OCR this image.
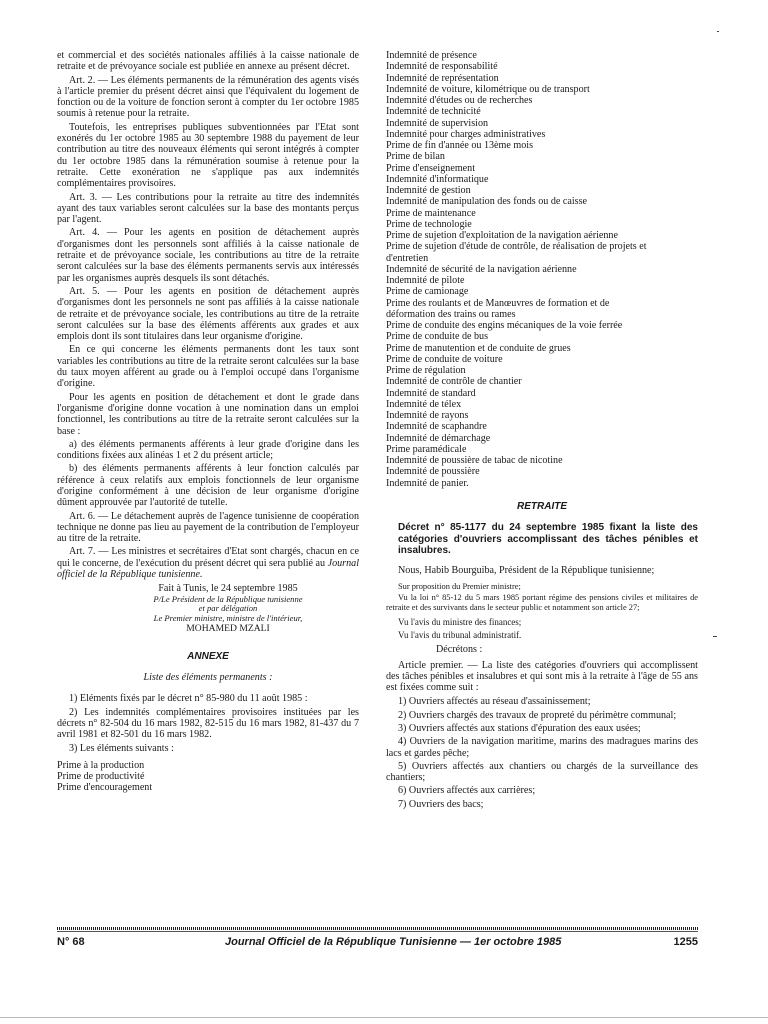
et commercial et des sociétés nationales affiliés à la caisse nationale de retraite et de prévoyance sociale est publiée en annexe au présent décret.

Art. 2. — Les éléments permanents de la rémunération des agents visés à l'article premier du présent décret ainsi que l'équivalent du logement de fonction ou de la voiture de fonction seront à compter du 1er octobre 1985 soumis à retenue pour la retraite.

Toutefois, les entreprises publiques subventionnées par l'Etat sont exonérés du 1er octobre 1985 au 30 septembre 1988 du payement de leur contribution au titre des nouveaux éléments qui seront intégrés à compter du 1er octobre 1985 dans la rémunération soumise à retenue pour la retraite. Cette exonération ne s'applique pas aux indemnités complémentaires provisoires.

Art. 3. — Les contributions pour la retraite au titre des indemnités ayant des taux variables seront calculées sur la base des montants perçus par l'agent.

Art. 4. — Pour les agents en position de détachement auprès d'organismes dont les personnels sont affiliés à la caisse nationale de retraite et de prévoyance sociale, les contributions au titre de la retraite seront calculées sur la base des éléments permanents servis aux intéressés par les organismes auprès desquels ils sont détachés.

Art. 5. — Pour les agents en position de détachement auprès d'organismes dont les personnels ne sont pas affiliés à la caisse nationale de retraite et de prévoyance sociale, les contributions au titre de la retraite seront calculées sur la base des éléments afférents aux grades et aux emplois dont ils sont titulaires dans leur organisme d'origine.

En ce qui concerne les éléments permanents dont les taux sont variables les contributions au titre de la retraite seront calculées sur la base du taux moyen afférent au grade ou à l'emploi occupé dans l'organisme d'origine.

Pour les agents en position de détachement et dont le grade dans l'organisme d'origine donne vocation à une nomination dans un emploi fonctionnel, les contributions au titre de la retraite seront calculées sur la base :

a) des éléments permanents afférents à leur grade d'origine dans les conditions fixées aux alinéas 1 et 2 du présent article;

b) des éléments permanents afférents à leur fonction calculés par référence à ceux relatifs aux emplois fonctionnels de leur organisme d'origine conformément à une décision de leur organisme d'origine dûment approuvée par l'autorité de tutelle.

Art. 6. — Le détachement auprès de l'agence tunisienne de coopération technique ne donne pas lieu au payement de la contribution de l'employeur au titre de la retraite.

Art. 7. — Les ministres et secrétaires d'Etat sont chargés, chacun en ce qui le concerne, de l'exécution du présent décret qui sera publié au Journal officiel de la République tunisienne.

Fait à Tunis, le 24 septembre 1985
P/Le Président de la République tunisienne
et par délégation
Le Premier ministre, ministre de l'intérieur,
MOHAMED MZALI
ANNEXE
Liste des éléments permanents :

1) Eléments fixés par le décret n° 85-980 du 11 août 1985 :

2) Les indemnités complémentaires provisoires instituées par les décrets n° 82-504 du 16 mars 1982, 82-515 du 16 mars 1982, 81-437 du 7 avril 1981 et 82-501 du 16 mars 1982.

3) Les éléments suivants :

Prime à la production
Prime de productivité
Prime d'encouragement
Indemnité de présence
Indemnité de responsabilité
Indemnité de représentation
Indemnité de voiture, kilométrique ou de transport
Indemnité d'études ou de recherches
Indemnité de technicité
Indemnité de supervision
Indemnité pour charges administratives
Prime de fin d'année ou 13ème mois
Prime de bilan
Prime d'enseignement
Indemnité d'informatique
Indemnité de gestion
Indemnité de manipulation des fonds ou de caisse
Prime de maintenance
Prime de technologie
Prime de sujetion d'exploitation de la navigation aérienne
Prime de sujetion d'étude de contrôle, de réalisation de projets et
d'entretien
Indemnité de sécurité de la navigation aérienne
Indemnité de pilote
Prime de camionage
Prime des roulants et de Manœuvres de formation et de
déformation des trains ou rames
Prime de conduite des engins mécaniques de la voie ferrée
Prime de conduite de bus
Prime de manutention et de conduite de grues
Prime de conduite de voiture
Prime de régulation
Indemnité de contrôle de chantier
Indemnité de standard
Indemnité de télex
Indemnité de rayons
Indemnité de scaphandre
Indemnité de démarchage
Prime paramédicale
Indemnité de poussière de tabac de nicotine
Indemnité de poussière
Indemnité de panier.
RETRAITE
Décret n° 85-1177 du 24 septembre 1985 fixant la liste des catégories d'ouvriers accomplissant des tâches pénibles et insalubres.

Nous, Habib Bourguiba, Président de la République tunisienne;

Sur proposition du Premier ministre;

Vu la loi n° 85-12 du 5 mars 1985 portant régime des pensions civiles et militaires de retraite et des survivants dans le secteur public et notamment son article 27;

Vu l'avis du ministre des finances;

Vu l'avis du tribunal administratif.

Décrétons :

Article premier. — La liste des catégories d'ouvriers qui accomplissent des tâches pénibles et insalubres et qui sont mis à la retraite à l'âge de 55 ans est fixées comme suit :

1) Ouvriers affectés au réseau d'assainissement;

2) Ouvriers chargés des travaux de propreté du périmètre communal;

3) Ouvriers affectés aux stations d'épuration des eaux usées;

4) Ouvriers de la navigation maritime, marins des madragues marins des lacs et gardes pêche;

5) Ouvriers affectés aux chantiers ou chargés de la surveillance des chantiers;

6) Ouvriers affectés aux carrières;

7) Ouvriers des bacs;

N° 68	Journal Officiel de la République Tunisienne — 1er octobre 1985	1255
